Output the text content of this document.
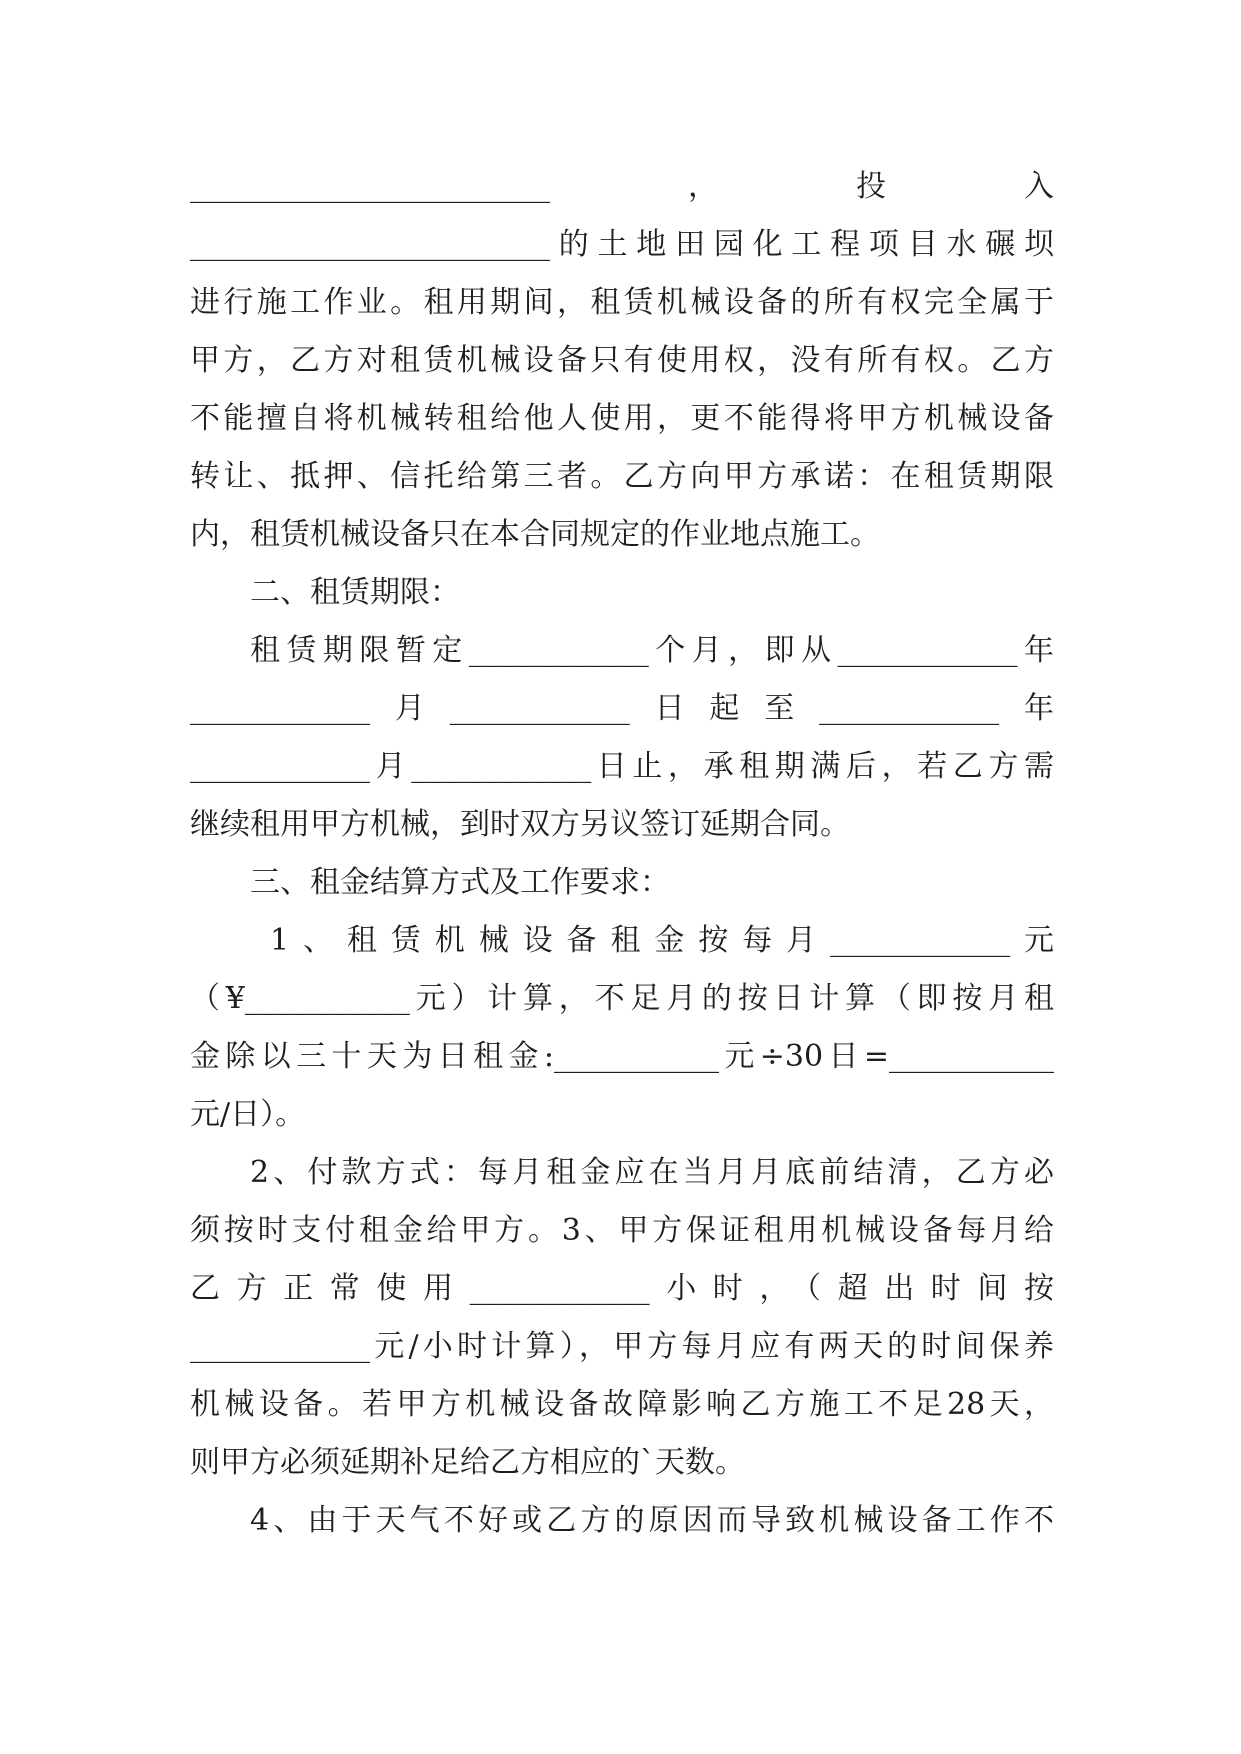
________________________，投入
________________________的土地田园化工程项目水碾坝
进行施工作业。租用期间，租赁机械设备的所有权完全属于
甲方，乙方对租赁机械设备只有使用权，没有所有权。乙方
不能擅自将机械转租给他人使用，更不能得将甲方机械设备
转让、抵押、信托给第三者。乙方向甲方承诺：在租赁期限
内，租赁机械设备只在本合同规定的作业地点施工。
二、租赁期限：
租赁期限暂定____________个月，即从____________年
____________月____________日起至____________年
____________月____________日止，承租期满后，若乙方需
继续租用甲方机械，到时双方另议签订延期合同。
三、租金结算方式及工作要求：
1、租赁机械设备租金按每月____________元
（¥___________元）计算，不足月的按日计算（即按月租
金除以三十天为日租金:___________元÷30日=___________
元/日）。
2、付款方式：每月租金应在当月月底前结清，乙方必
须按时支付租金给甲方。3、甲方保证租用机械设备每月给
乙方正常使用____________小时，（超出时间按
____________元/小时计算），甲方每月应有两天的时间保养
机械设备。若甲方机械设备故障影响乙方施工不足28天，
则甲方必须延期补足给乙方相应的`天数。
4、由于天气不好或乙方的原因而导致机械设备工作不
